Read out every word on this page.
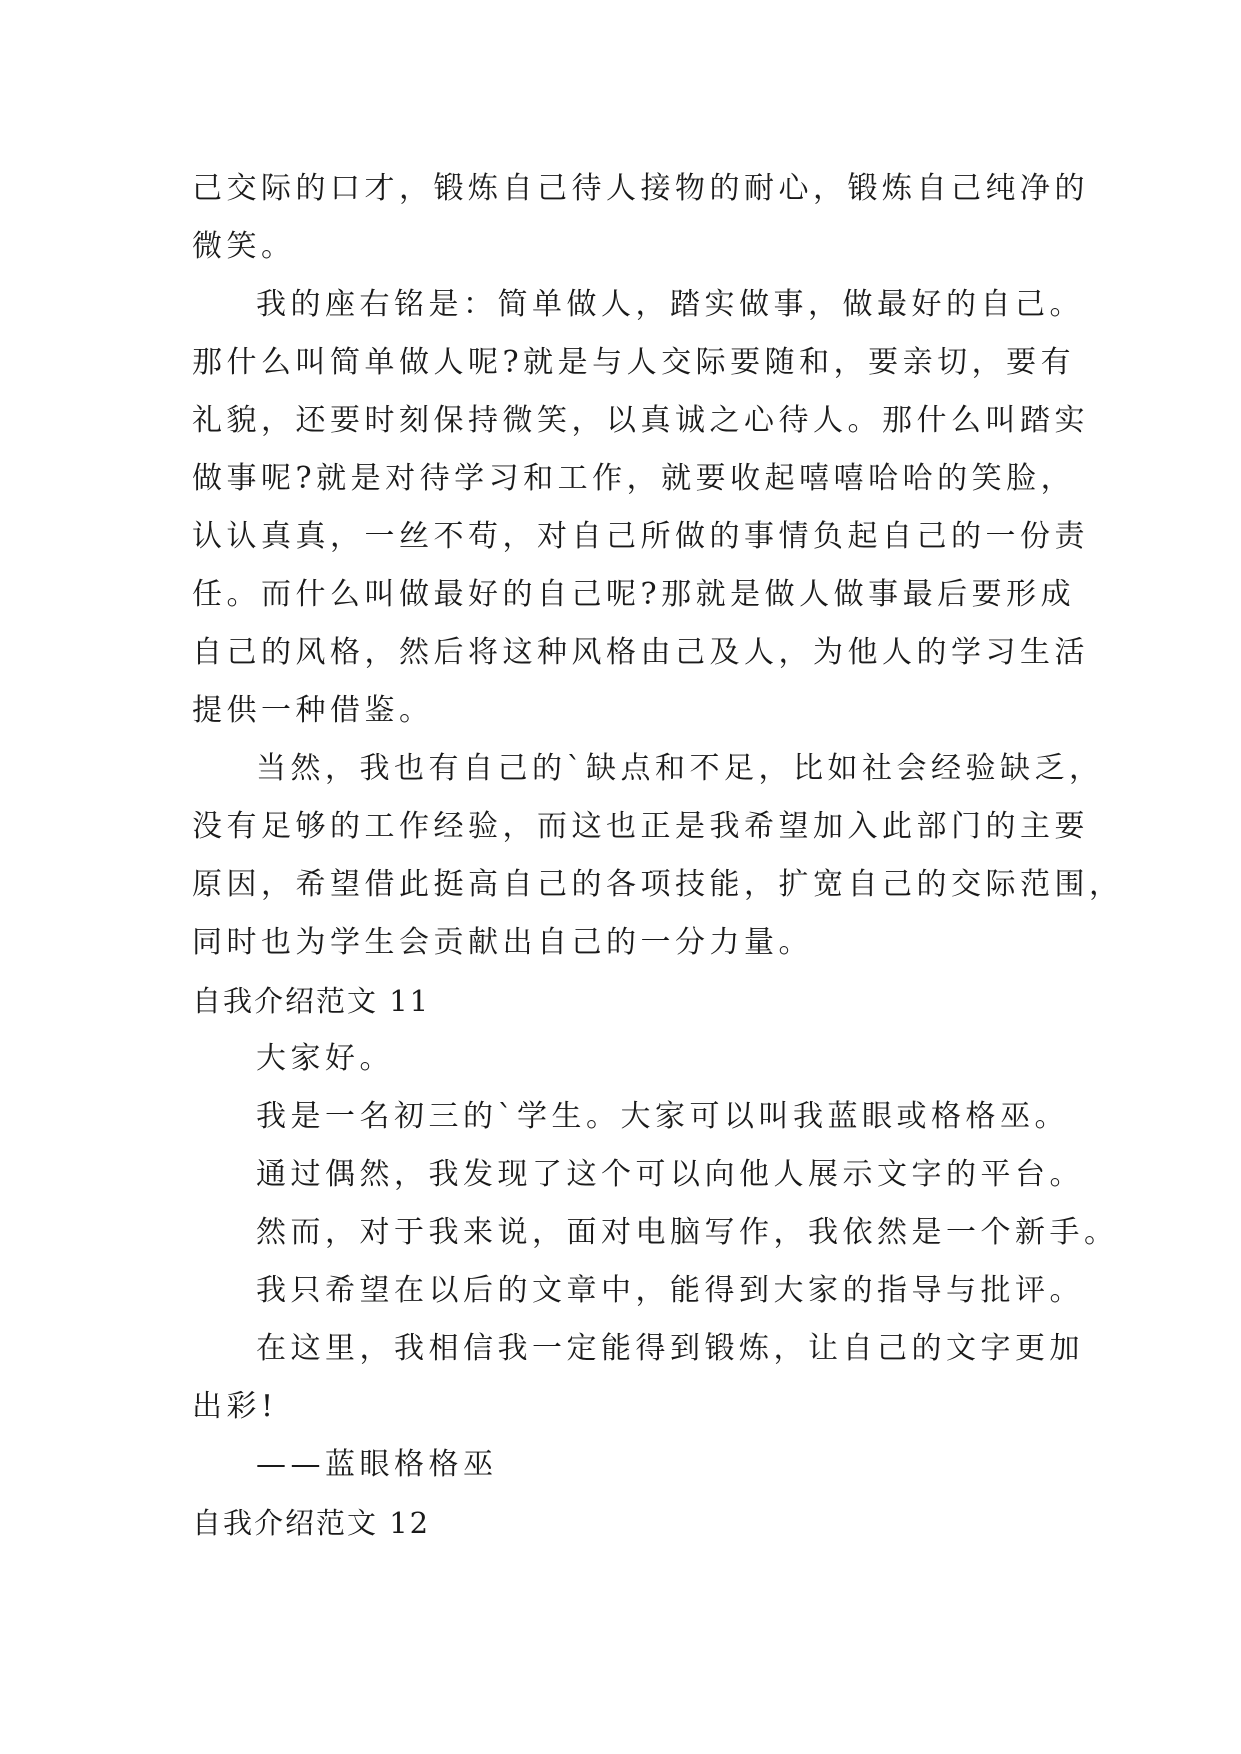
己交际的口才，锻炼自己待人接物的耐心，锻炼自己纯净的
微笑。
我的座右铭是：简单做人，踏实做事，做最好的自己。
那什么叫简单做人呢?就是与人交际要随和，要亲切，要有
礼貌，还要时刻保持微笑，以真诚之心待人。那什么叫踏实
做事呢?就是对待学习和工作，就要收起嘻嘻哈哈的笑脸，
认认真真，一丝不苟，对自己所做的事情负起自己的一份责
任。而什么叫做最好的自己呢?那就是做人做事最后要形成
自己的风格，然后将这种风格由己及人，为他人的学习生活
提供一种借鉴。
当然，我也有自己的`缺点和不足，比如社会经验缺乏，
没有足够的工作经验，而这也正是我希望加入此部门的主要
原因，希望借此挺高自己的各项技能，扩宽自己的交际范围，
同时也为学生会贡献出自己的一分力量。
自我介绍范文 11
大家好。
我是一名初三的`学生。大家可以叫我蓝眼或格格巫。
通过偶然，我发现了这个可以向他人展示文字的平台。
然而，对于我来说，面对电脑写作，我依然是一个新手。
我只希望在以后的文章中，能得到大家的指导与批评。
在这里，我相信我一定能得到锻炼，让自己的文字更加
出彩!
——蓝眼格格巫
自我介绍范文 12
